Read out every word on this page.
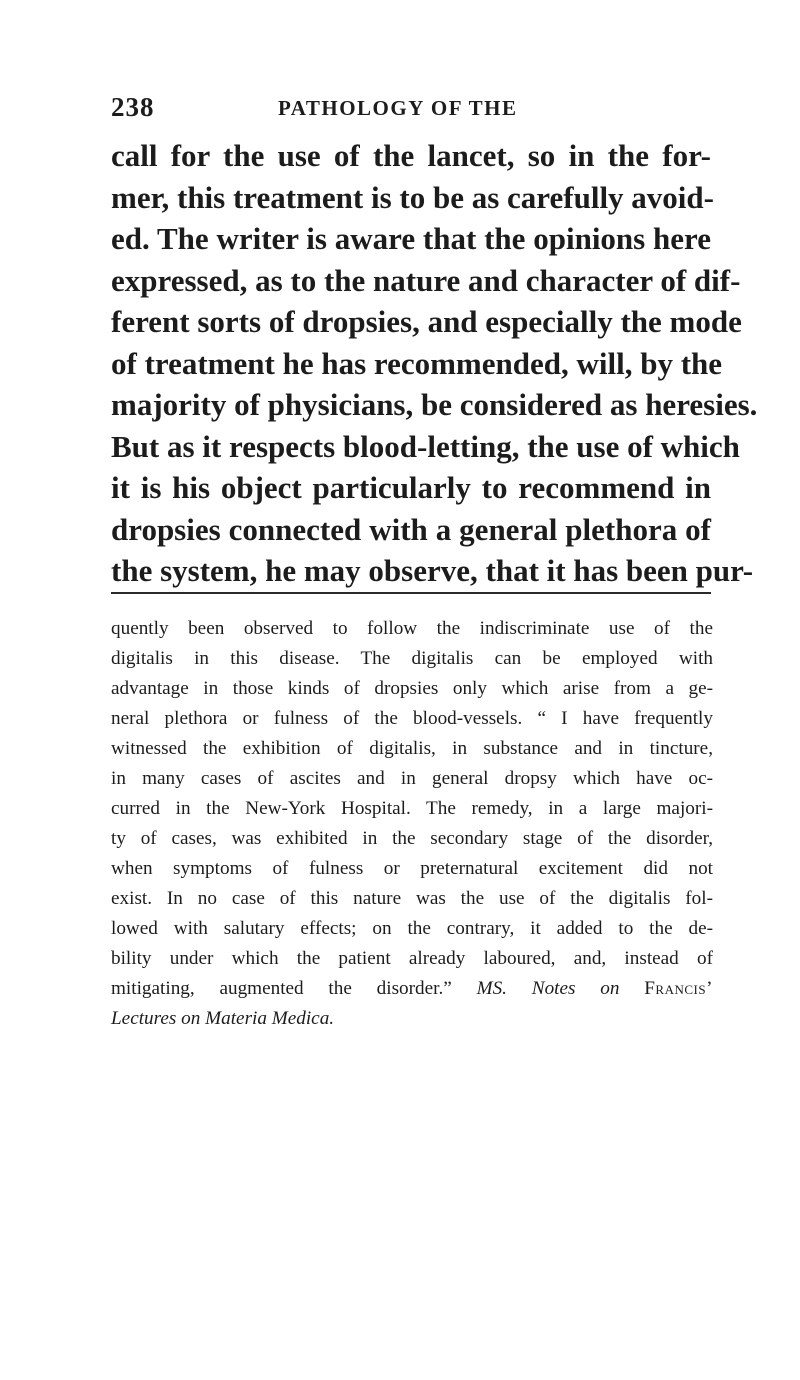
238	PATHOLOGY OF THE
call for the use of the lancet, so in the for-
mer, this treatment is to be as carefully avoid-
ed. The writer is aware that the opinions here
expressed, as to the nature and character of dif-
ferent sorts of dropsies, and especially the mode
of treatment he has recommended, will, by the
majority of physicians, be considered as heresies.
But as it respects blood-letting, the use of which
it is his object particularly to recommend in
dropsies connected with a general plethora of
the system, he may observe, that it has been pur-
quently been observed to follow the indiscriminate use of the
digitalis in this disease. The digitalis can be employed with
advantage in those kinds of dropsies only which arise from a ge-
neral plethora or fulness of the blood-vessels. “ I have frequently
witnessed the exhibition of digitalis, in substance and in tincture,
in many cases of ascites and in general dropsy which have oc-
curred in the New-York Hospital. The remedy, in a large majori-
ty of cases, was exhibited in the secondary stage of the disorder,
when symptoms of fulness or preternatural excitement did not
exist. In no case of this nature was the use of the digitalis fol-
lowed with salutary effects; on the contrary, it added to the de-
bility under which the patient already laboured, and, instead of
mitigating, augmented the disorder.” MS. Notes on Francis’
Lectures on Materia Medica.
